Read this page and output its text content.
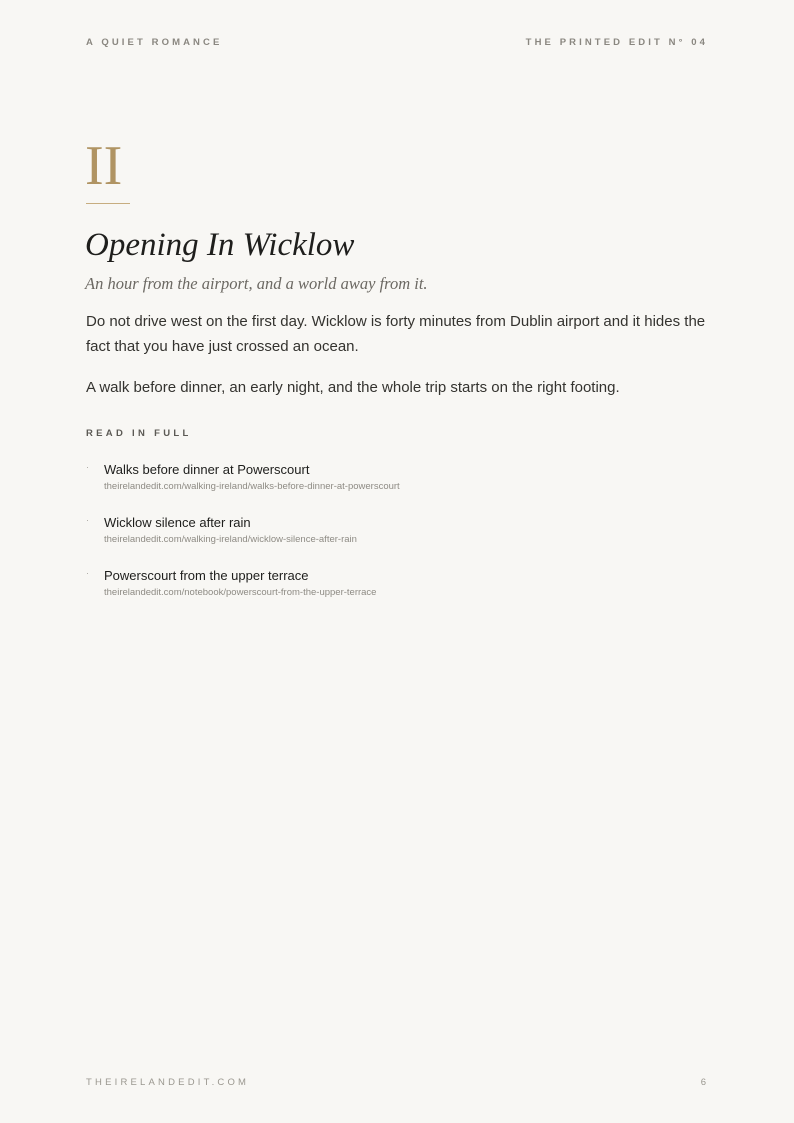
A QUIET ROMANCE	THE PRINTED EDIT N° 04
II
Opening In Wicklow

An hour from the airport, and a world away from it.

Do not drive west on the first day. Wicklow is forty minutes from Dublin airport and it hides the fact that you have just crossed an ocean.

A walk before dinner, an early night, and the whole trip starts on the right footing.

READ IN FULL
· Walks before dinner at Powerscourt
theirelandedit.com/walking-ireland/walks-before-dinner-at-powerscourt
· Wicklow silence after rain
theirelandedit.com/walking-ireland/wicklow-silence-after-rain
· Powerscourt from the upper terrace
theirelandedit.com/notebook/powerscourt-from-the-upper-terrace
THEIRELANDEDIT.COM	6
